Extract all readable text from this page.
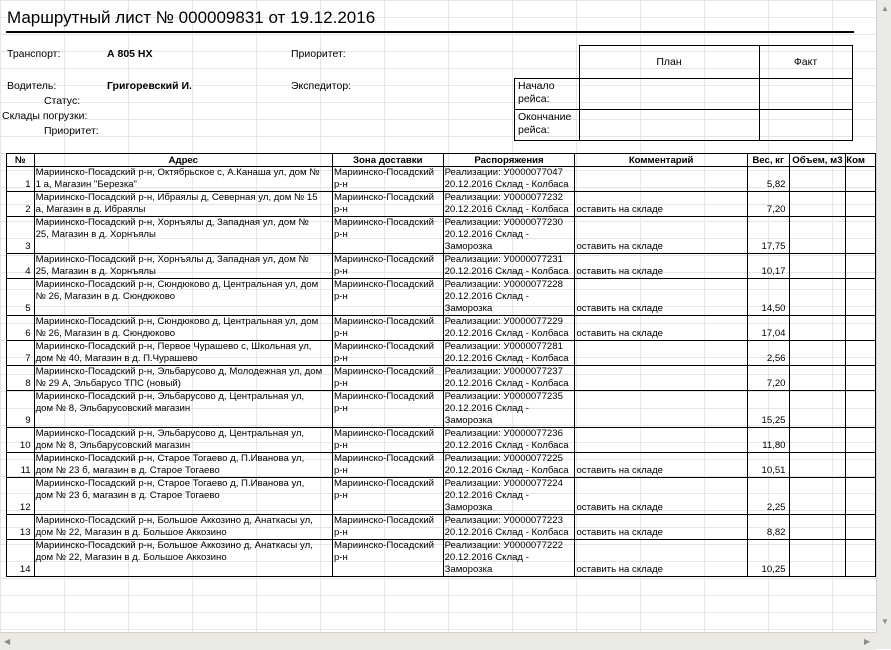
Маршрутный лист № 000009831 от 19.12.2016
Транспорт:	А 805 НХ	Приоритет:
Водитель:	Григоревский И.	Экспедитор:
Статус:
Склады погрузки:
Приоритет:
	План	Факт
Начало
рейса:		
Окончание
рейса:		
№	Адрес	Зона доставки	Распоряжения	Комментарий	Вес, кг	Объем, м3	Ком
1	Мариинско-Посадский р-н, Октябрьское с, А.Канаша ул, дом №
1 а, Магазин "Березка"	Мариинско-Посадский
р-н	Реализации: У0000077047
20.12.2016 Склад - Колбаса		5,82		
2	Мариинско-Посадский р-н, Ибраялы д, Северная ул, дом № 15
а, Магазин в д. Ибраялы	Мариинско-Посадский
р-н	Реализации: У0000077232
20.12.2016 Склад - Колбаса	оставить на складе	7,20		
3	Мариинско-Посадский р-н, Хорнъялы д, Западная ул, дом №
25, Магазин в д. Хорнъялы	Мариинско-Посадский
р-н	Реализации: У0000077230
20.12.2016 Склад -
Заморозка	оставить на складе	17,75		
4	Мариинско-Посадский р-н, Хорнъялы д, Западная ул, дом №
25, Магазин в д. Хорнъялы	Мариинско-Посадский
р-н	Реализации: У0000077231
20.12.2016 Склад - Колбаса	оставить на складе	10,17		
5	Мариинско-Посадский р-н, Сюндюково д, Центральная ул, дом
№ 26, Магазин в д. Сюндюково	Мариинско-Посадский
р-н	Реализации: У0000077228
20.12.2016 Склад -
Заморозка	оставить на складе	14,50		
6	Мариинско-Посадский р-н, Сюндюково д, Центральная ул, дом
№ 26, Магазин в д. Сюндюково	Мариинско-Посадский
р-н	Реализации: У0000077229
20.12.2016 Склад - Колбаса	оставить на складе	17,04		
7	Мариинско-Посадский р-н, Первое Чурашево с, Школьная ул,
дом № 40, Магазин в д. П.Чурашево	Мариинско-Посадский
р-н	Реализации: У0000077281
20.12.2016 Склад - Колбаса		2,56		
8	Мариинско-Посадский р-н, Эльбарусово д, Молодежная ул, дом
№ 29 А, Эльбарусо ТПС (новый)	Мариинско-Посадский
р-н	Реализации: У0000077237
20.12.2016 Склад - Колбаса		7,20		
9	Мариинско-Посадский р-н, Эльбарусово д, Центральная ул,
дом № 8, Эльбарусовский магазин	Мариинско-Посадский
р-н	Реализации: У0000077235
20.12.2016 Склад -
Заморозка		15,25		
10	Мариинско-Посадский р-н, Эльбарусово д, Центральная ул,
дом № 8, Эльбарусовский магазин	Мариинско-Посадский
р-н	Реализации: У0000077236
20.12.2016 Склад - Колбаса		11,80		
11	Мариинско-Посадский р-н, Старое Тогаево д, П.Иванова ул,
дом № 23 б, магазин в д. Старое Тогаево	Мариинско-Посадский
р-н	Реализации: У0000077225
20.12.2016 Склад - Колбаса	оставить на складе	10,51		
12	Мариинско-Посадский р-н, Старое Тогаево д, П.Иванова ул,
дом № 23 б, магазин в д. Старое Тогаево	Мариинско-Посадский
р-н	Реализации: У0000077224
20.12.2016 Склад -
Заморозка	оставить на складе	2,25		
13	Мариинско-Посадский р-н, Большое Аккозино д, Анаткасы ул,
дом № 22, Магазин в д. Большое Аккозино	Мариинско-Посадский
р-н	Реализации: У0000077223
20.12.2016 Склад - Колбаса	оставить на складе	8,82		
14	Мариинско-Посадский р-н, Большое Аккозино д, Анаткасы ул,
дом № 22, Магазин в д. Большое Аккозино	Мариинско-Посадский
р-н	Реализации: У0000077222
20.12.2016 Склад -
Заморозка	оставить на складе	10,25		
▲
▼
◀	▶
